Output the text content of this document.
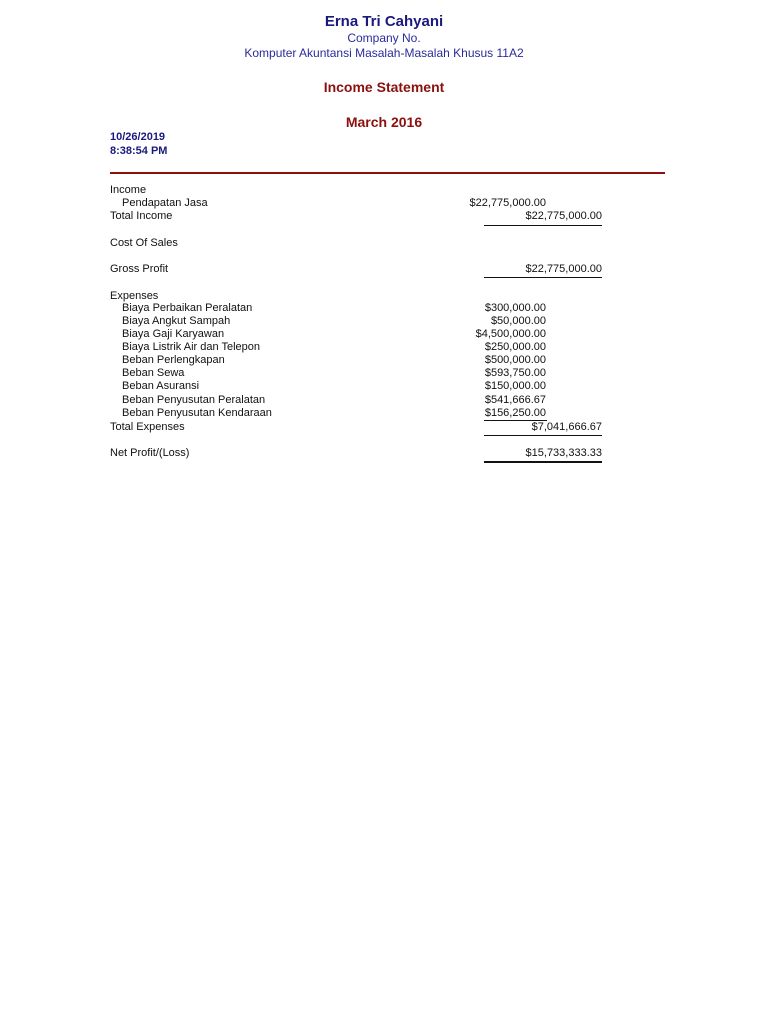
Erna Tri Cahyani
Company No.
Komputer Akuntansi Masalah-Masalah Khusus 11A2
Income Statement
March 2016
10/26/2019
8:38:54 PM
Income
Pendapatan Jasa	$22,775,000.00
Total Income	$22,775,000.00
Cost Of Sales
Gross Profit	$22,775,000.00
Expenses
Biaya Perbaikan Peralatan	$300,000.00
Biaya Angkut Sampah	$50,000.00
Biaya Gaji Karyawan	$4,500,000.00
Biaya Listrik Air dan Telepon	$250,000.00
Beban Perlengkapan	$500,000.00
Beban Sewa	$593,750.00
Beban Asuransi	$150,000.00
Beban Penyusutan Peralatan	$541,666.67
Beban Penyusutan Kendaraan	$156,250.00
Total Expenses	$7,041,666.67
Net Profit/(Loss)	$15,733,333.33
